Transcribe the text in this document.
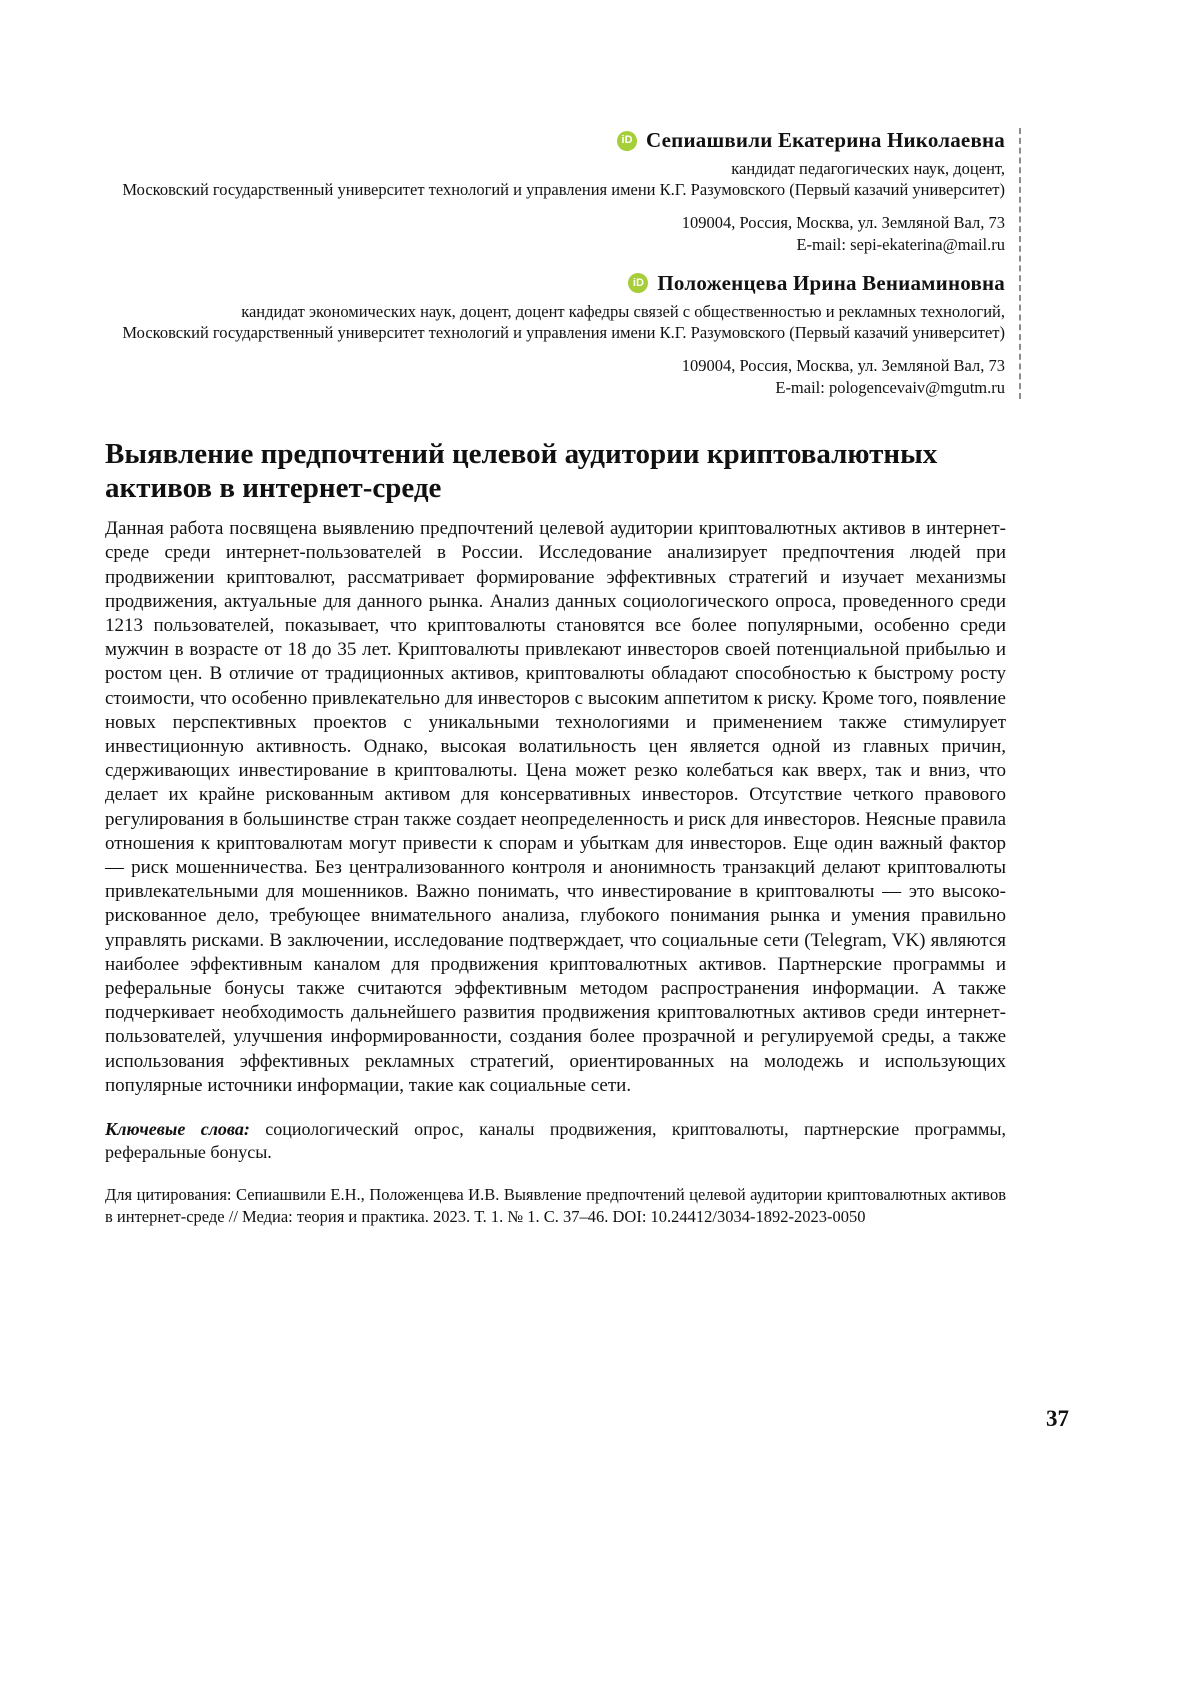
iD Сепиашвили Екатерина Николаевна
кандидат педагогических наук, доцент,
Московский государственный университет технологий и управления имени К.Г. Разумовского (Первый казачий университет)
109004, Россия, Москва, ул. Земляной Вал, 73
E-mail: sepi-ekaterina@mail.ru
iD Положенцева Ирина Вениаминовна
кандидат экономических наук, доцент, доцент кафедры связей с общественностью и рекламных технологий,
Московский государственный университет технологий и управления имени К.Г. Разумовского (Первый казачий университет)
109004, Россия, Москва, ул. Земляной Вал, 73
E-mail: pologencevaiv@mgutm.ru
Выявление предпочтений целевой аудитории криптовалютных активов в интернет-среде

Данная работа посвящена выявлению предпочтений целевой аудитории криптовалютных активов в интернет-среде среди интернет-пользователей в России. Исследование анализирует предпочтения людей при продвижении криптовалют, рассматривает формирование эффективных стратегий и изучает механизмы продвижения, актуальные для данного рынка. Анализ данных социологического опроса, проведенного среди 1213 пользователей, показывает, что криптовалюты становятся все более популярными, особенно среди мужчин в возрасте от 18 до 35 лет. Криптовалюты привлекают инвесторов своей потенциальной прибылью и ростом цен. В отличие от традиционных активов, криптовалюты обладают способностью к быстрому росту стоимости, что особенно привлекательно для инвесторов с высоким аппетитом к риску. Кроме того, появление новых перспективных проектов с уникальными технологиями и применением также стимулирует инвестиционную активность. Однако, высокая волатильность цен является одной из главных причин, сдерживающих инвестирование в криптовалюты. Цена может резко колебаться как вверх, так и вниз, что делает их крайне рискованным активом для консервативных инвесторов. Отсутствие четкого правового регулирования в большинстве стран также создает неопределенность и риск для инвесторов. Неясные правила отношения к криптовалютам могут привести к спорам и убыткам для инвесторов. Еще один важный фактор — риск мошенничества. Без централизованного контроля и анонимность транзакций делают криптовалюты привлекательными для мошенников. Важно понимать, что инвестирование в криптовалюты — это высоко-рискованное дело, требующее внимательного анализа, глубокого понимания рынка и умения правильно управлять рисками. В заключении, исследование подтверждает, что социальные сети (Telegram, VK) являются наиболее эффективным каналом для продвижения криптовалютных активов. Партнерские программы и реферальные бонусы также считаются эффективным методом распространения информации. А также подчеркивает необходимость дальнейшего развития продвижения криптовалютных активов среди интернет-пользователей, улучшения информированности, создания более прозрачной и регулируемой среды, а также использования эффективных рекламных стратегий, ориентированных на молодежь и использующих популярные источники информации, такие как социальные сети.

Ключевые слова: социологический опрос, каналы продвижения, криптовалюты, партнерские программы, реферальные бонусы.

Для цитирования: Сепиашвили Е.Н., Положенцева И.В. Выявление предпочтений целевой аудитории криптовалютных активов в интернет-среде // Медиа: теория и практика. 2023. Т. 1. № 1. С. 37–46. DOI: 10.24412/3034-1892-2023-0050

37
